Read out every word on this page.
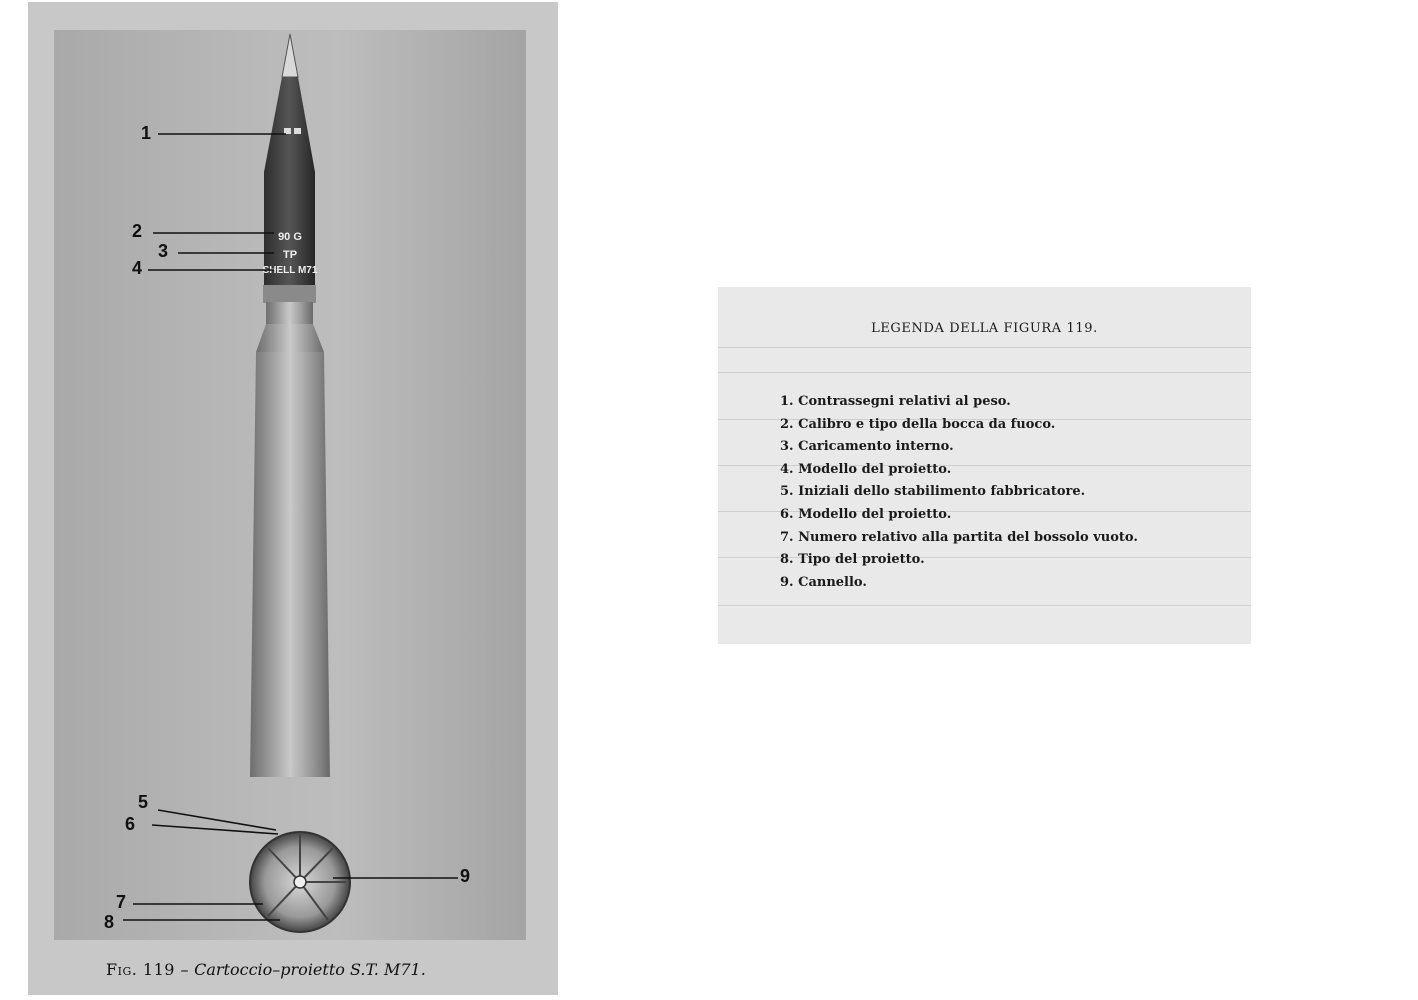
90 G
TP
SHELL M71
1
2
3
4
5
6
9
7
8
Fig. 119 – Cartoccio–proietto S.T. M71.
LEGENDA DELLA FIGURA 119.
1. Contrassegni relativi al peso.
2. Calibro e tipo della bocca da fuoco.
3. Caricamento interno.
4. Modello del proietto.
5. Iniziali dello stabilimento fabbricatore.
6. Modello del proietto.
7. Numero relativo alla partita del bossolo vuoto.
8. Tipo del proietto.
9. Cannello.
